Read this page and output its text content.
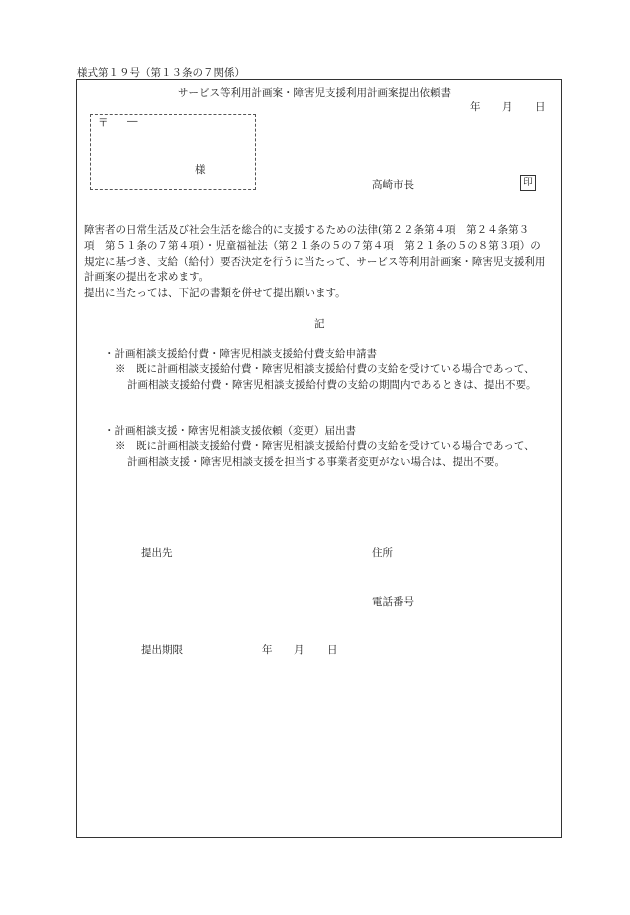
様式第１９号（第１３条の７関係）
サービス等利用計画案・障害児支援利用計画案提出依頼書
年 月 日
〒 ―
様
高崎市長	印
障害者の日常生活及び社会生活を総合的に支援するための法律(第２２条第４項　第２４条第３
項　第５１条の７第４項）・児童福祉法（第２１条の５の７第４項　第２１条の５の８第３項）の
規定に基づき、支給（給付）要否決定を行うに当たって、サービス等利用計画案・障害児支援利用
計画案の提出を求めます。
提出に当たっては、下記の書類を併せて提出願います。
記
・計画相談支援給付費・障害児相談支援給付費支給申請書
※　既に計画相談支援給付費・障害児相談支援給付費の支給を受けている場合であって、
計画相談支援給付費・障害児相談支援給付費の支給の期間内であるときは、提出不要。
・計画相談支援・障害児相談支援依頼（変更）届出書
※　既に計画相談支援給付費・障害児相談支援給付費の支給を受けている場合であって、
計画相談支援・障害児相談支援を担当する事業者変更がない場合は、提出不要。
提出先	住所
電話番号
提出期限	年 月 日
